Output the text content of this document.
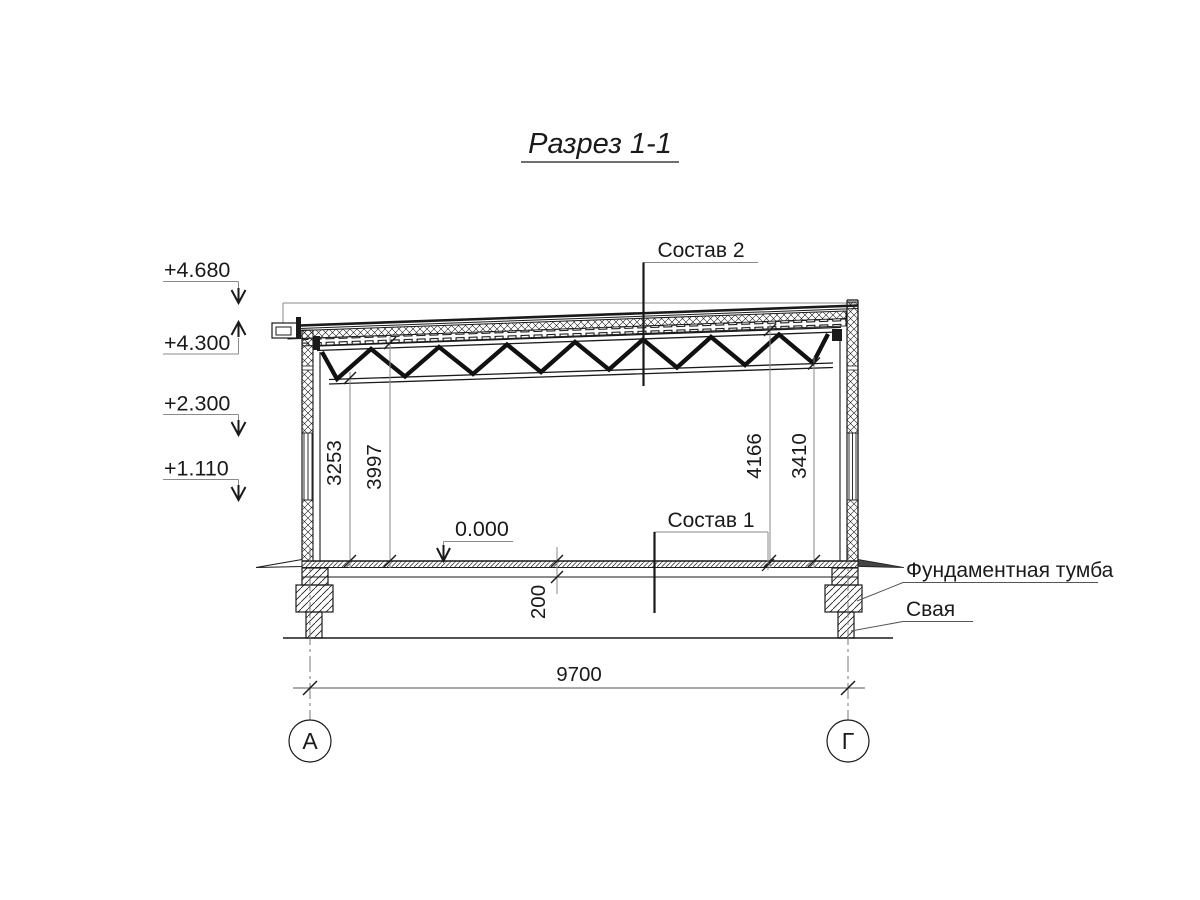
Разрез 1-1
+4.680
+4.300
+2.300
+1.110
9700
А	Г
3253 3997	4166 3410
200
0.000
Состав 2
Состав 1
Фундаментная тумба
Свая
